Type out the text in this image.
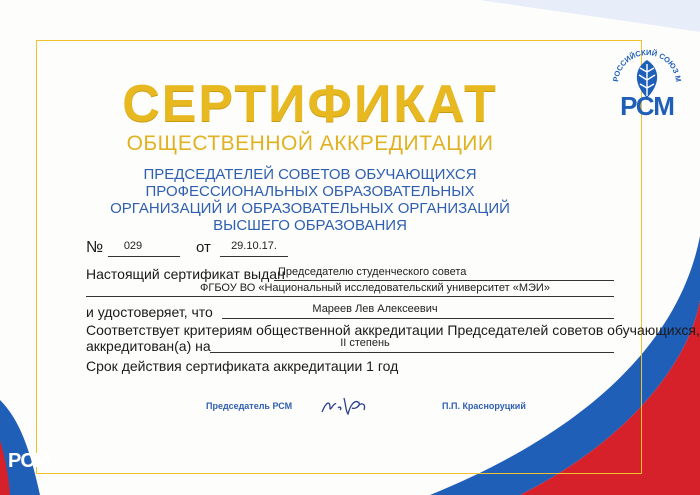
РОССИЙСКИЙ СОЮЗ М
РСМ
РСМ
СЕРТИФИКАТ
ОБЩЕСТВЕННОЙ АККРЕДИТАЦИИ
ПРЕДСЕДАТЕЛЕЙ СОВЕТОВ ОБУЧАЮЩИХСЯ
ПРОФЕССИОНАЛЬНЫХ ОБРАЗОВАТЕЛЬНЫХ
ОРГАНИЗАЦИЙ И ОБРАЗОВАТЕЛЬНЫХ ОРГАНИЗАЦИЙ
ВЫСШЕГО ОБРАЗОВАНИЯ
№	029	от	29.10.17.
Настоящий сертификат выдан
Председателю студенческого совета
ФГБОУ ВО «Национальный исследовательский университет «МЭИ»
и удостоверяет, что	Мареев Лев Алексеевич
Соответствует критериям общественной аккредитации Председателей советов обучающихся,
аккредитован(а) на	II степень
Срок действия сертификата аккредитации 1 год
Председатель РСМ	П.П. Красноруцкий
